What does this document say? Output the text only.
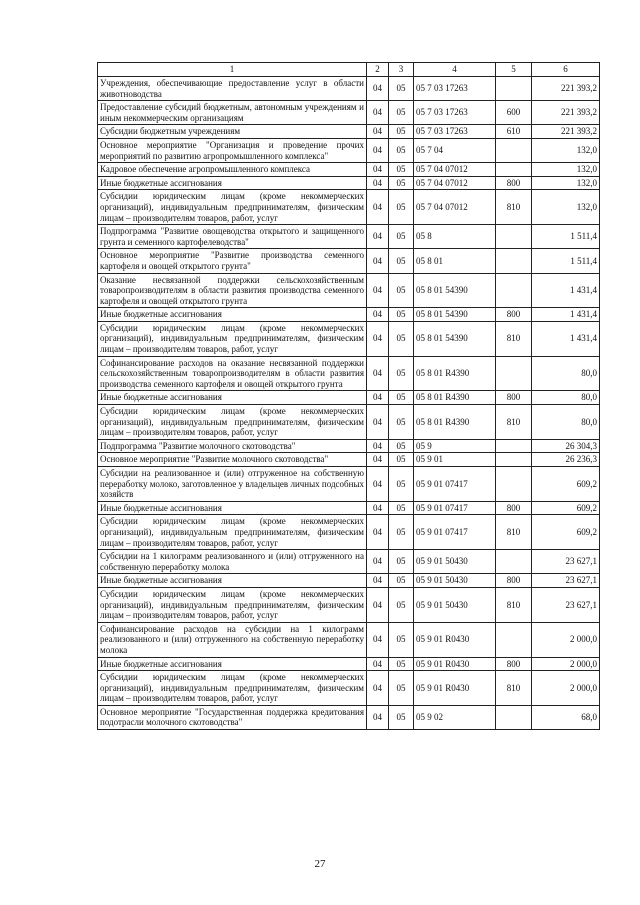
1	2	3	4	5	6
Учреждения, обеспечивающие предоставление услуг в области животноводства	04	05	05 7 03 17263		221 393,2
Предоставление субсидий бюджетным, автономным учреждениям и иным некоммерческим организациям	04	05	05 7 03 17263	600	221 393,2
Субсидии бюджетным учреждениям	04	05	05 7 03 17263	610	221 393,2
Основное мероприятие "Организация и проведение прочих мероприятий по развитию агропромышленного комплекса"	04	05	05 7 04		132,0
Кадровое обеспечение агропромышленного комплекса	04	05	05 7 04 07012		132,0
Иные бюджетные ассигнования	04	05	05 7 04 07012	800	132,0
Субсидии юридическим лицам (кроме некоммерческих организаций), индивидуальным предпринимателям, физическим лицам – производителям товаров, работ, услуг	04	05	05 7 04 07012	810	132,0
Подпрограмма "Развитие овощеводства открытого и защищенного грунта и семенного картофелеводства"	04	05	05 8		1 511,4
Основное мероприятие "Развитие производства семенного картофеля и овощей открытого грунта"	04	05	05 8 01		1 511,4
Оказание несвязанной поддержки сельскохозяйственным товаропроизводителям в области развития производства семенного картофеля и овощей открытого грунта	04	05	05 8 01 54390		1 431,4
Иные бюджетные ассигнования	04	05	05 8 01 54390	800	1 431,4
Субсидии юридическим лицам (кроме некоммерческих организаций), индивидуальным предпринимателям, физическим лицам – производителям товаров, работ, услуг	04	05	05 8 01 54390	810	1 431,4
Софинансирование расходов на оказание несвязанной поддержки сельскохозяйственным товаропроизводителям в области развития производства семенного картофеля и овощей открытого грунта	04	05	05 8 01 R4390		80,0
Иные бюджетные ассигнования	04	05	05 8 01 R4390	800	80,0
Субсидии юридическим лицам (кроме некоммерческих организаций), индивидуальным предпринимателям, физическим лицам – производителям товаров, работ, услуг	04	05	05 8 01 R4390	810	80,0
Подпрограмма "Развитие молочного скотоводства"	04	05	05 9		26 304,3
Основное мероприятие "Развитие молочного скотоводства"	04	05	05 9 01		26 236,3
Субсидии на реализованное и (или) отгруженное на собственную переработку молоко, заготовленное у владельцев личных подсобных хозяйств	04	05	05 9 01 07417		609,2
Иные бюджетные ассигнования	04	05	05 9 01 07417	800	609,2
Субсидии юридическим лицам (кроме некоммерческих организаций), индивидуальным предпринимателям, физическим лицам – производителям товаров, работ, услуг	04	05	05 9 01 07417	810	609,2
Субсидии на 1 килограмм реализованного и (или) отгруженного на собственную переработку молока	04	05	05 9 01 50430		23 627,1
Иные бюджетные ассигнования	04	05	05 9 01 50430	800	23 627,1
Субсидии юридическим лицам (кроме некоммерческих организаций), индивидуальным предпринимателям, физическим лицам – производителям товаров, работ, услуг	04	05	05 9 01 50430	810	23 627,1
Софинансирование расходов на субсидии на 1 килограмм реализованного и (или) отгруженного на собственную переработку молока	04	05	05 9 01 R0430		2 000,0
Иные бюджетные ассигнования	04	05	05 9 01 R0430	800	2 000,0
Субсидии юридическим лицам (кроме некоммерческих организаций), индивидуальным предпринимателям, физическим лицам – производителям товаров, работ, услуг	04	05	05 9 01 R0430	810	2 000,0
Основное мероприятие "Государственная поддержка кредитования подотрасли молочного скотоводства"	04	05	05 9 02		68,0
27
